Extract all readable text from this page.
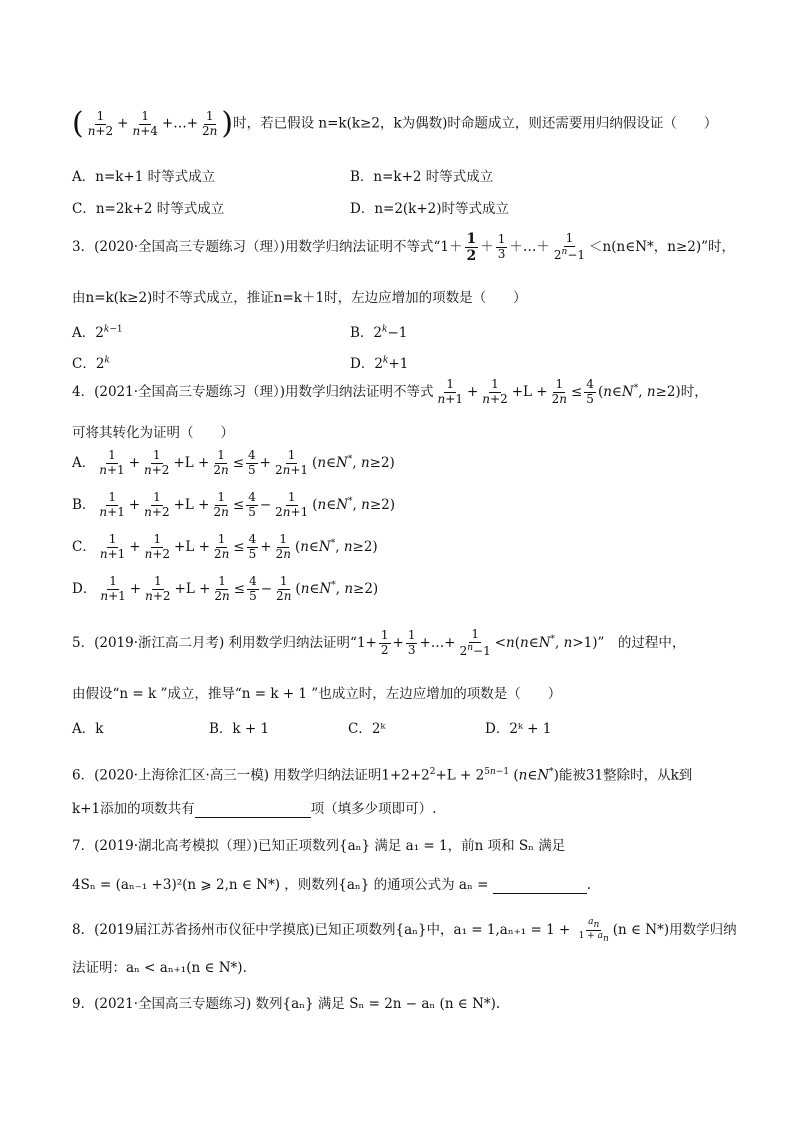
( $\frac{1}{n+2} + \frac{1}{n+4}$ +…+ $\frac{1}{2n}$ )时，若已假设 n=k(k≥2，k为偶数)时命题成立，则还需要用归纳假设证（　　）
A．n=k+1 时等式成立	B．n=k+2 时等式成立
C．n=2k+2 时等式成立	D．n=2(k+2)时等式成立
3．(2020·全国高三专题练习（理）)用数学归纳法证明不等式“$1+ \frac{1}{2} + \frac{1}{3}$ ＋…＋ $\frac{1}{2^n-1}$ ＜n(n∈N*，n≥2)”时，
由n=k(k≥2)时不等式成立，推证n=k＋1时，左边应增加的项数是（　　）
A．$2^{k-1}$	B．$2^k-1$
C．2$^k$	D．$2^k+1$
4．(2021·全国高三专题练习（理）)用数学归纳法证明不等式 $\frac{1}{n+1} + \frac{1}{n+2} +L + \frac{1}{2n} \le \frac{4}{5}$ (n∈N*, n≥2)时，
可将其转化为证明（　　）
A． $\frac{1}{n+1} + \frac{1}{n+2} +L + \frac{1}{2n} \le \frac{4}{5} + \frac{1}{2n+1}$ (n∈N*, n≥2)
B． $\frac{1}{n+1} + \frac{1}{n+2} +L + \frac{1}{2n} \le \frac{4}{5} - \frac{1}{2n+1}$ (n∈N*, n≥2)
C． $\frac{1}{n+1} + \frac{1}{n+2} +L + \frac{1}{2n} \le \frac{4}{5} + \frac{1}{2n}$ (n∈N*, n≥2)
D． $\frac{1}{n+1} + \frac{1}{n+2} +L + \frac{1}{2n} \le \frac{4}{5} - \frac{1}{2n}$ (n∈N*, n≥2)
5．(2019·浙江高二月考) 利用数学归纳法证明“$1+ \frac{1}{2} + \frac{1}{3}$ +…+ $\frac{1}{2^n-1}$ <n(n∈N*, n>1)”　的过程中，
由假设“n = k ”成立，推导“n = k + 1 ”也成立时，左边应增加的项数是（　　）
A．k	B．k + 1	C．2ᵏ	D．2ᵏ + 1
6．(2020·上海徐汇区·高三一模) 用数学归纳法证明$1+2+2^2+L + 2^{5n-1}$ (n∈N*)能被31整除时，从k到
k+1添加的项数共有	项（填多少项即可）.
7．(2019·湖北高考模拟（理）)已知正项数列{aₙ} 满足 a₁ = 1，前n 项和 Sₙ 满足
4Sₙ = (aₙ₋₁ +3)²(n ⩾ 2,n ∈ N*) ，则数列{aₙ} 的通项公式为 aₙ =	.
8．(2019届江苏省扬州市仪征中学摸底)已知正项数列{aₙ}中，$a_1 = 1,a_{n+1} = 1 + \frac{a_n}{1 + a_n} (n$ ∈ N*)用数学归纳
法证明：aₙ < aₙ₊₁(n ∈ N*).
9．(2021·全国高三专题练习) 数列{aₙ} 满足 Sₙ = 2n − aₙ (n ∈ N*).
